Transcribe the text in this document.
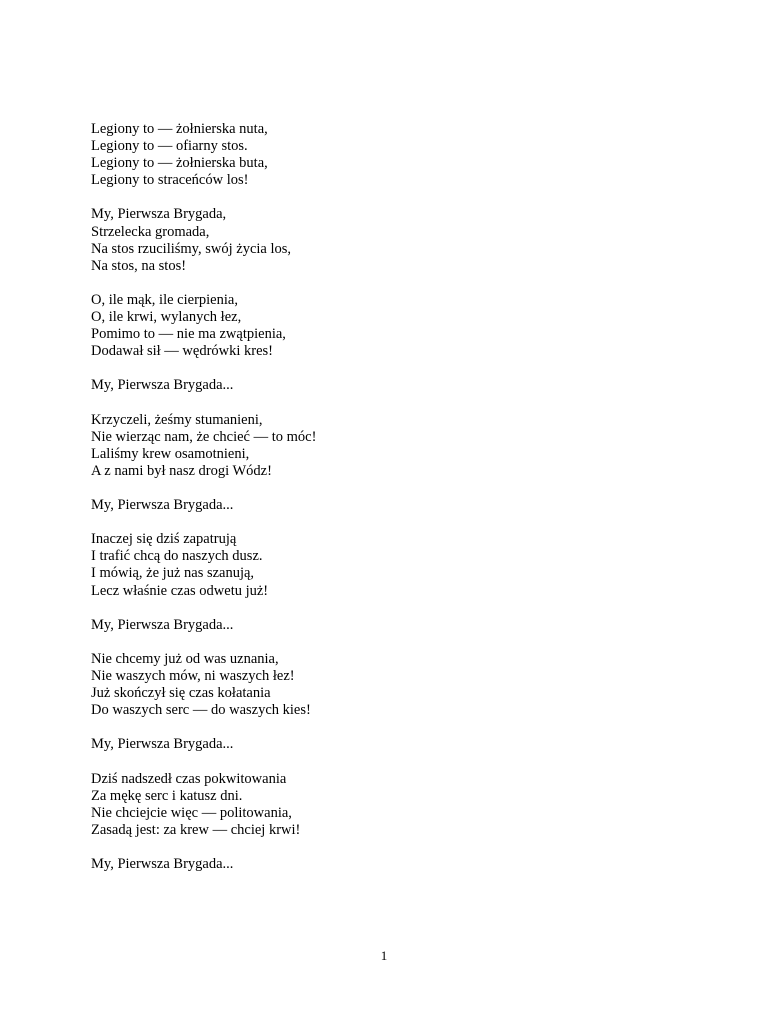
Legiony to — żołnierska nuta,
Legiony to — ofiarny stos.
Legiony to — żołnierska buta,
Legiony to straceńców los!
My, Pierwsza Brygada,
Strzelecka gromada,
Na stos rzuciliśmy, swój życia los,
Na stos, na stos!
O, ile mąk, ile cierpienia,
O, ile krwi, wylanych łez,
Pomimo to — nie ma zwątpienia,
Dodawał sił — wędrówki kres!
My, Pierwsza Brygada...
Krzyczeli, żeśmy stumanieni,
Nie wierząc nam, że chcieć — to móc!
Laliśmy krew osamotnieni,
A z nami był nasz drogi Wódz!
My, Pierwsza Brygada...
Inaczej się dziś zapatrują
I trafić chcą do naszych dusz.
I mówią, że już nas szanują,
Lecz właśnie czas odwetu już!
My, Pierwsza Brygada...
Nie chcemy już od was uznania,
Nie waszych mów, ni waszych łez!
Już skończył się czas kołatania
Do waszych serc — do waszych kies!
My, Pierwsza Brygada...
Dziś nadszedł czas pokwitowania
Za mękę serc i katusz dni.
Nie chciejcie więc — politowania,
Zasadą jest: za krew — chciej krwi!
My, Pierwsza Brygada...
1
